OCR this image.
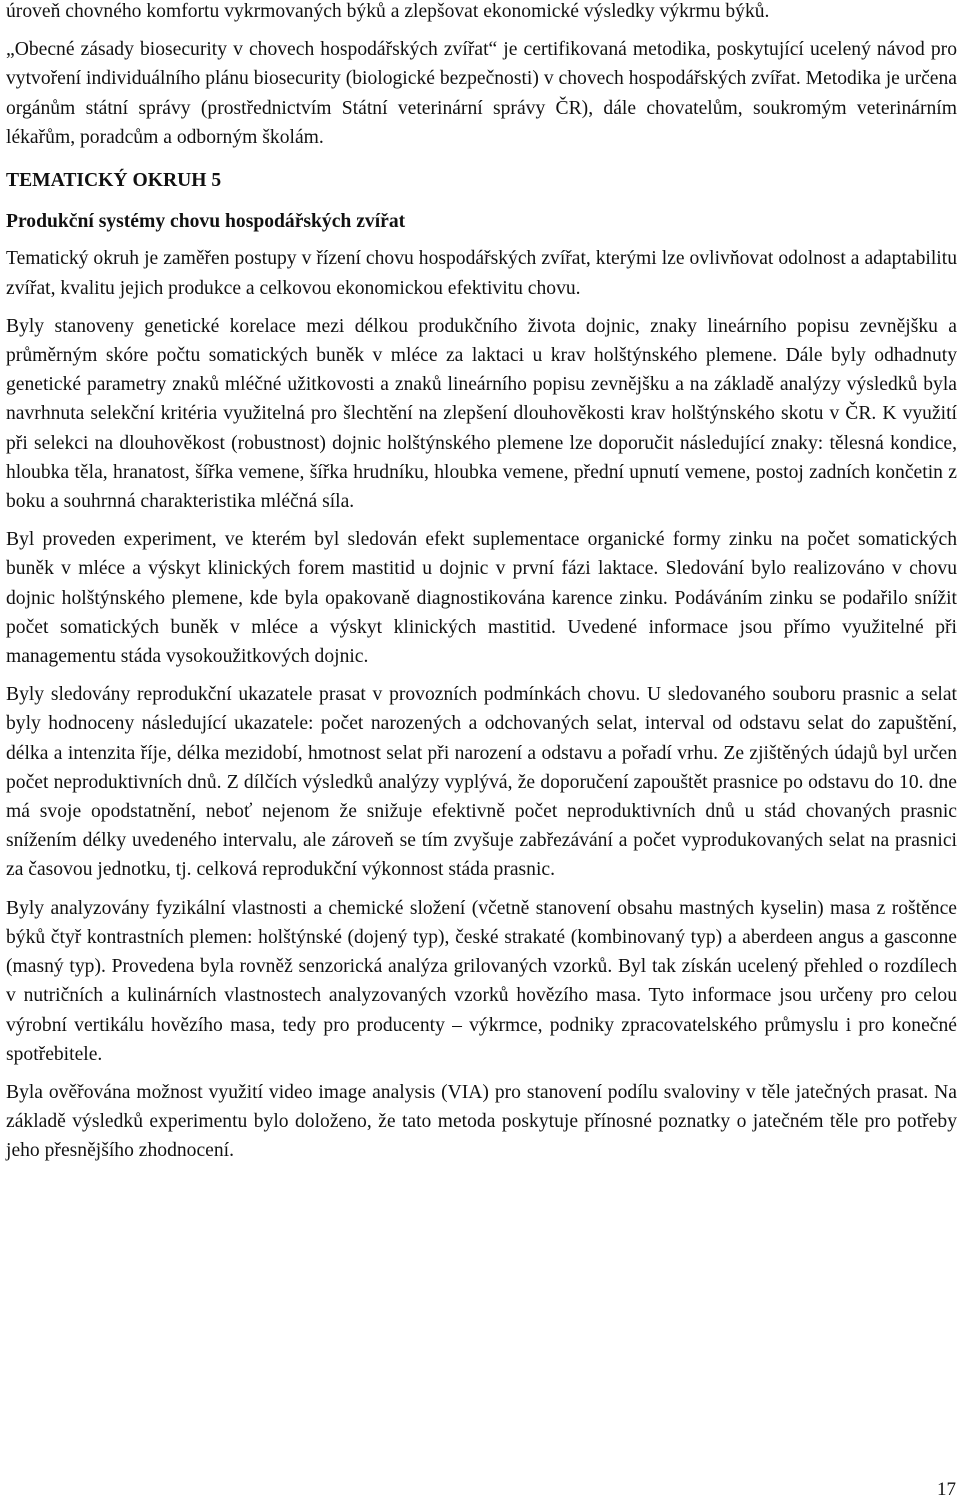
úroveň chovného komfortu vykrmovaných býků a zlepšovat ekonomické výsledky výkrmu býků.

„Obecné zásady biosecurity v chovech hospodářských zvířat“ je certifikovaná metodika, poskytující ucelený návod pro vytvoření individuálního plánu biosecurity (biologické bezpečnosti) v chovech hospodářských zvířat. Metodika je určena orgánům státní správy (prostřednictvím Státní veterinární správy ČR), dále chovatelům, soukromým veterinárním lékařům, poradcům a odborným školám.

TEMATICKÝ OKRUH 5
Produkční systémy chovu hospodářských zvířat

Tematický okruh je zaměřen postupy v řízení chovu hospodářských zvířat, kterými lze ovlivňovat odolnost a adaptabilitu zvířat, kvalitu jejich produkce a celkovou ekonomickou efektivitu chovu.

Byly stanoveny genetické korelace mezi délkou produkčního života dojnic, znaky lineárního popisu zevnějšku a průměrným skóre počtu somatických buněk v mléce za laktaci u krav holštýnského plemene. Dále byly odhadnuty genetické parametry znaků mléčné užitkovosti a znaků lineárního popisu zevnějšku a na základě analýzy výsledků byla navrhnuta selekční kritéria využitelná pro šlechtění na zlepšení dlouhověkosti krav holštýnského skotu v ČR. K využití při selekci na dlouhověkost (robustnost) dojnic holštýnského plemene lze doporučit následující znaky: tělesná kondice, hloubka těla, hranatost, šířka vemene, šířka hrudníku, hloubka vemene, přední upnutí vemene, postoj zadních končetin z boku a souhrnná charakteristika mléčná síla.

Byl proveden experiment, ve kterém byl sledován efekt suplementace organické formy zinku na počet somatických buněk v mléce a výskyt klinických forem mastitid u dojnic v první fázi laktace. Sledování bylo realizováno v chovu dojnic holštýnského plemene, kde byla opakovaně diagnostikována karence zinku. Podáváním zinku se podařilo snížit počet somatických buněk v mléce a výskyt klinických mastitid. Uvedené informace jsou přímo využitelné při managementu stáda vysokoužitkových dojnic.

Byly sledovány reprodukční ukazatele prasat v provozních podmínkách chovu. U sledovaného souboru prasnic a selat byly hodnoceny následující ukazatele: počet narozených a odchovaných selat, interval od odstavu selat do zapuštění, délka a intenzita říje, délka mezidobí, hmotnost selat při narození a odstavu a pořadí vrhu. Ze zjištěných údajů byl určen počet neproduktivních dnů. Z dílčích výsledků analýzy vyplývá, že doporučení zapouštět prasnice po odstavu do 10. dne má svoje opodstatnění, neboť nejenom že snižuje efektivně počet neproduktivních dnů u stád chovaných prasnic snížením délky uvedeného intervalu, ale zároveň se tím zvyšuje zabřezávání a počet vyprodukovaných selat na prasnici za časovou jednotku, tj. celková reprodukční výkonnost stáda prasnic.

Byly analyzovány fyzikální vlastnosti a chemické složení (včetně stanovení obsahu mastných kyselin) masa z roštěnce býků čtyř kontrastních plemen: holštýnské (dojený typ), české strakaté (kombinovaný typ) a aberdeen angus a gasconne (masný typ). Provedena byla rovněž senzorická analýza grilovaných vzorků. Byl tak získán ucelený přehled o rozdílech v nutričních a kulinárních vlastnostech analyzovaných vzorků hovězího masa. Tyto informace jsou určeny pro celou výrobní vertikálu hovězího masa, tedy pro producenty – výkrmce, podniky zpracovatelského průmyslu i pro konečné spotřebitele.

Byla ověřována možnost využití video image analysis (VIA) pro stanovení podílu svaloviny v těle jatečných prasat. Na základě výsledků experimentu bylo doloženo, že tato metoda poskytuje přínosné poznatky o jatečném těle pro potřeby jeho přesnějšího zhodnocení.

17
